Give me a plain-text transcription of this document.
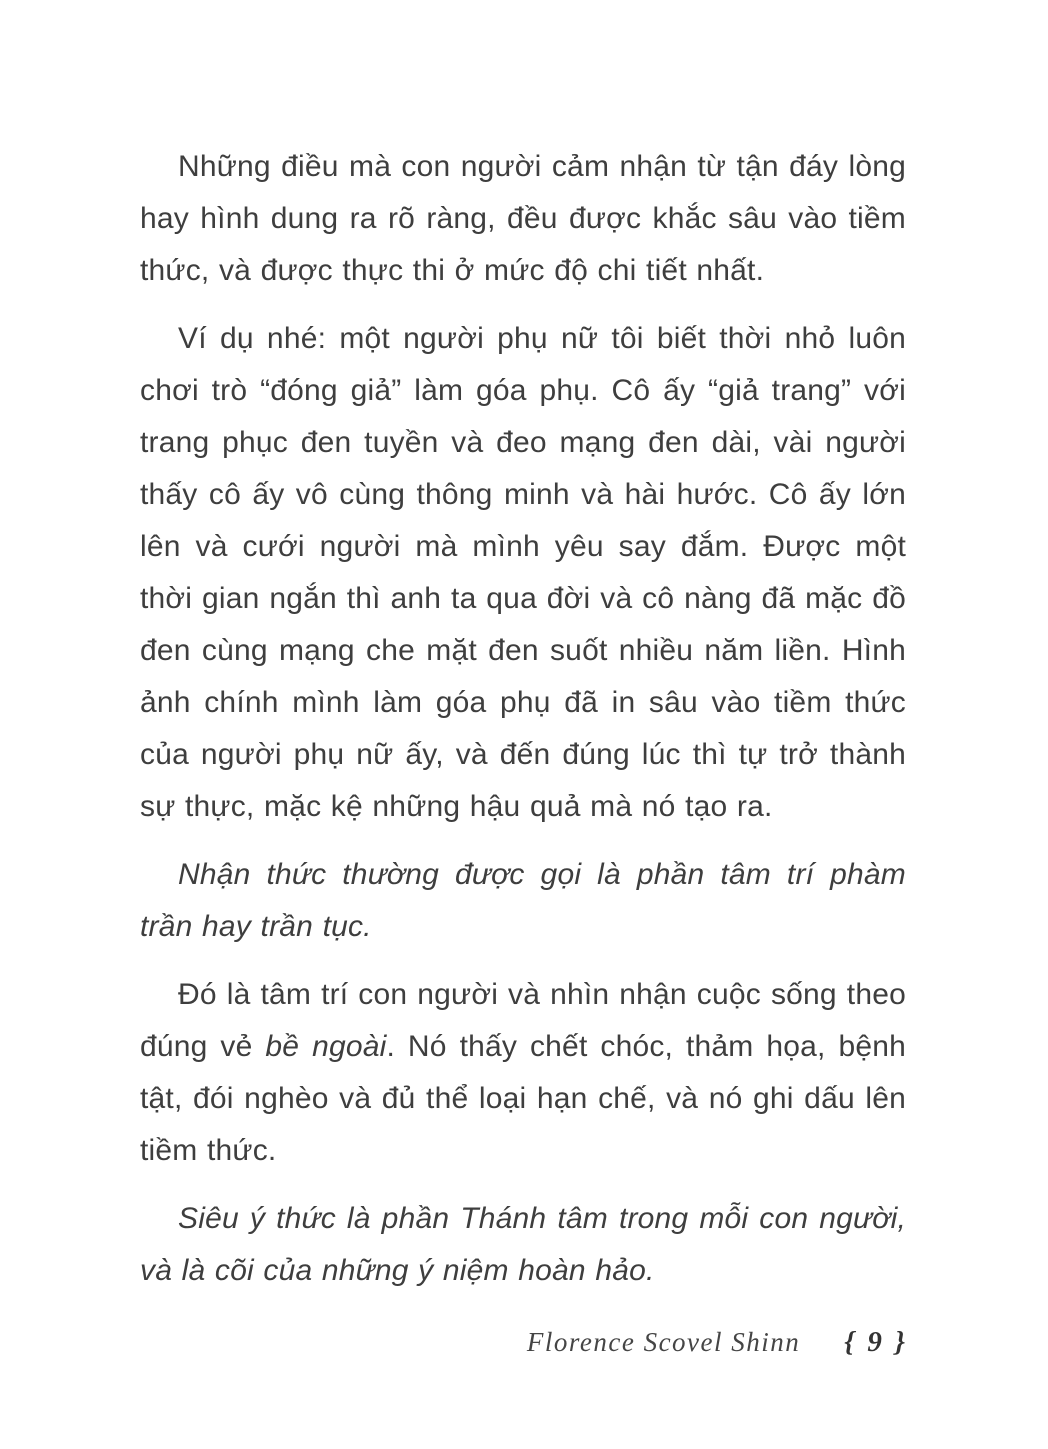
Những điều mà con người cảm nhận từ tận đáy lòng hay hình dung ra rõ ràng, đều được khắc sâu vào tiềm thức, và được thực thi ở mức độ chi tiết nhất.

Ví dụ nhé: một người phụ nữ tôi biết thời nhỏ luôn chơi trò “đóng giả” làm góa phụ. Cô ấy “giả trang” với trang phục đen tuyền và đeo mạng đen dài, vài người thấy cô ấy vô cùng thông minh và hài hước. Cô ấy lớn lên và cưới người mà mình yêu say đắm. Được một thời gian ngắn thì anh ta qua đời và cô nàng đã mặc đồ đen cùng mạng che mặt đen suốt nhiều năm liền. Hình ảnh chính mình làm góa phụ đã in sâu vào tiềm thức của người phụ nữ ấy, và đến đúng lúc thì tự trở thành sự thực, mặc kệ những hậu quả mà nó tạo ra.

Nhận thức thường được gọi là phần tâm trí phàm trần hay trần tục.

Đó là tâm trí con người và nhìn nhận cuộc sống theo đúng vẻ bề ngoài. Nó thấy chết chóc, thảm họa, bệnh tật, đói nghèo và đủ thể loại hạn chế, và nó ghi dấu lên tiềm thức.

Siêu ý thức là phần Thánh tâm trong mỗi con người, và là cõi của những ý niệm hoàn hảo.

Florence Scovel Shinn { 9 }
